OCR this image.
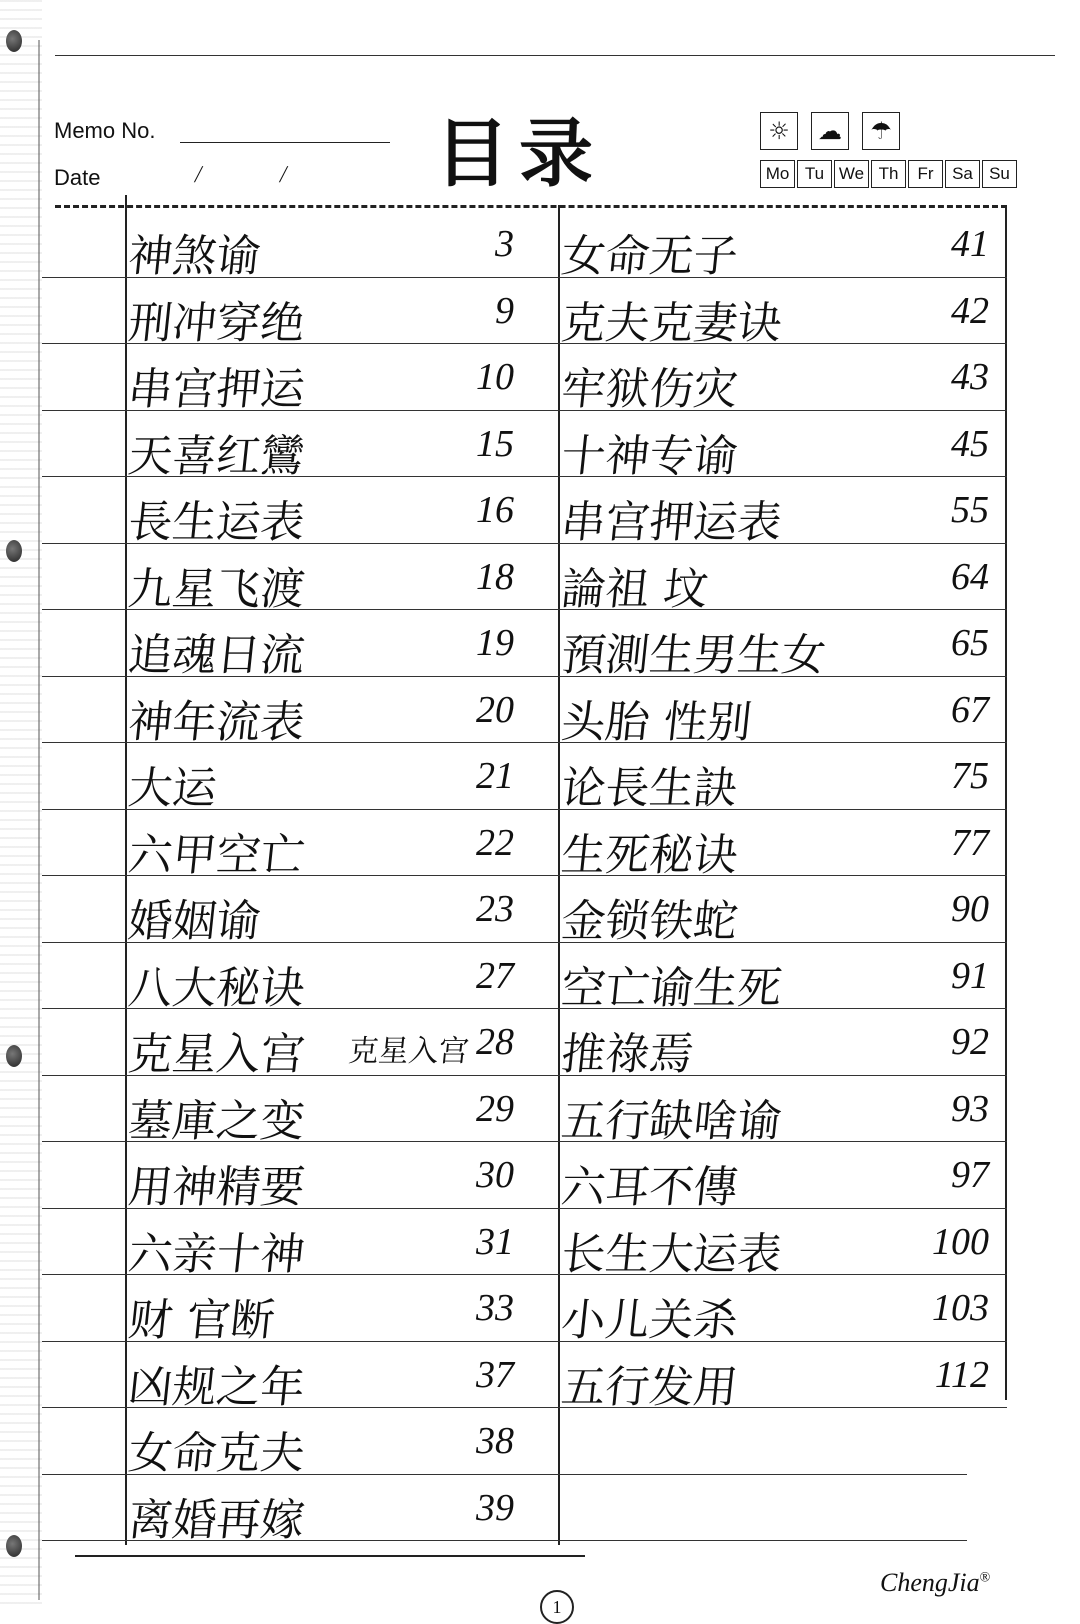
Memo No.
Date	/	/ 目录	☼	☁	☂
Mo Tu We Th	Fr	Sa Su
神煞谕	3
刑冲穿绝	9
串宫押运	10
天喜红鸞	15
長生运表	16
九星飞渡	18
追魂日流	19
神年流表	20
大运	21
六甲空亡	22
婚姻谕	23
八大秘诀	27
克星入宫 克星入宫 28
墓庫之变	29
用神精要	30
六亲十神	31
财 官断	33
凶规之年	37
女命克夫	38
离婚再嫁	39
女命无子	41
克夫克妻诀	42
牢狱伤灾	43
十神专谕	45
串宫押运表	55
論祖 坟	64
預測生男生女	65
头胎 性别	67
论長生訣	75
生死秘诀	77
金锁铁蛇	90
空亡谕生死	91
推祿焉	92
五行缺啥谕	93
六耳不傳	97
长生大运表	100
小儿关杀	103
五行发用	112
ChengJia®
1
